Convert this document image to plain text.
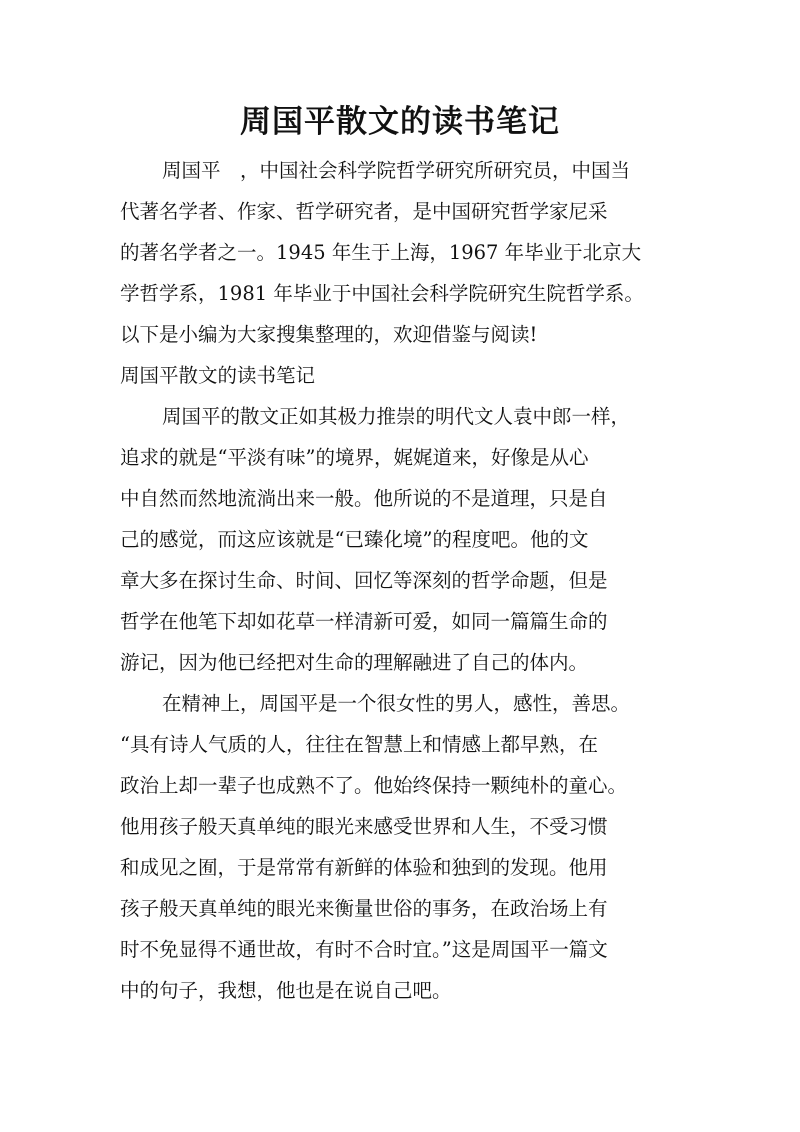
周国平散文的读书笔记

周国平　，中国社会科学院哲学研究所研究员，中国当

代著名学者、作家、哲学研究者，是中国研究哲学家尼采

的著名学者之一。1945 年生于上海，1967 年毕业于北京大

学哲学系，1981 年毕业于中国社会科学院研究生院哲学系。

以下是小编为大家搜集整理的，欢迎借鉴与阅读!

周国平散文的读书笔记

周国平的散文正如其极力推崇的明代文人袁中郎一样，

追求的就是“平淡有味”的境界，娓娓道来，好像是从心

中自然而然地流淌出来一般。他所说的不是道理，只是自

己的感觉，而这应该就是“已臻化境”的程度吧。他的文

章大多在探讨生命、时间、回忆等深刻的哲学命题，但是

哲学在他笔下却如花草一样清新可爱，如同一篇篇生命的

游记，因为他已经把对生命的理解融进了自己的体内。

在精神上，周国平是一个很女性的男人，感性，善思。

“具有诗人气质的人，往往在智慧上和情感上都早熟，在

政治上却一辈子也成熟不了。他始终保持一颗纯朴的童心。

他用孩子般天真单纯的眼光来感受世界和人生，不受习惯

和成见之囿，于是常常有新鲜的体验和独到的发现。他用

孩子般天真单纯的眼光来衡量世俗的事务，在政治场上有

时不免显得不通世故，有时不合时宜。”这是周国平一篇文

中的句子，我想，他也是在说自己吧。
